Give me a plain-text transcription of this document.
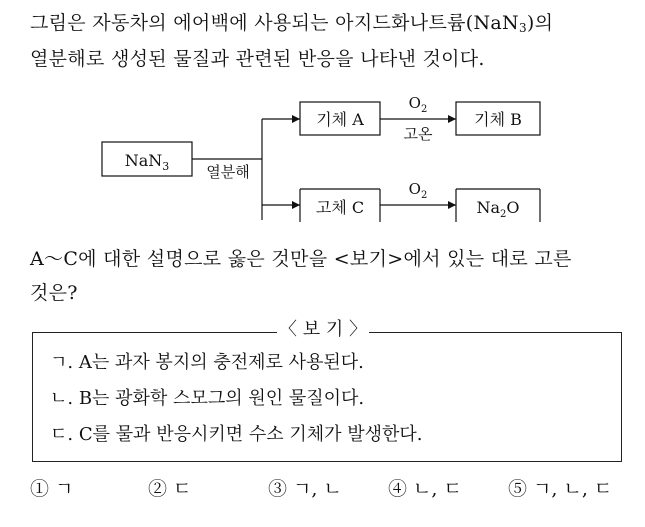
그림은 자동차의 에어백에 사용되는 아지드화나트륨(NaN$_3$)의
열분해로 생성된 물질과 관련된 반응을 나타낸 것이다.
NaN$_3$ 열분해
기체 A
$O_2$
고온
기체 B
고체 C
$O_2$
$Na_2O$
A～C에 대한 설명으로 옳은 것만을 <보기>에서 있는 대로 고른
것은?
〈 보 기 〉
ㄱ. A는 과자 봉지의 충전제로 사용된다.
ㄴ. B는 광화학 스모그의 원인 물질이다.
ㄷ. C를 물과 반응시키면 수소 기체가 발생한다.
① ㄱ	② ㄷ	③ ㄱ, ㄴ ④ ㄴ, ㄷ ⑤ ㄱ, ㄴ, ㄷ
